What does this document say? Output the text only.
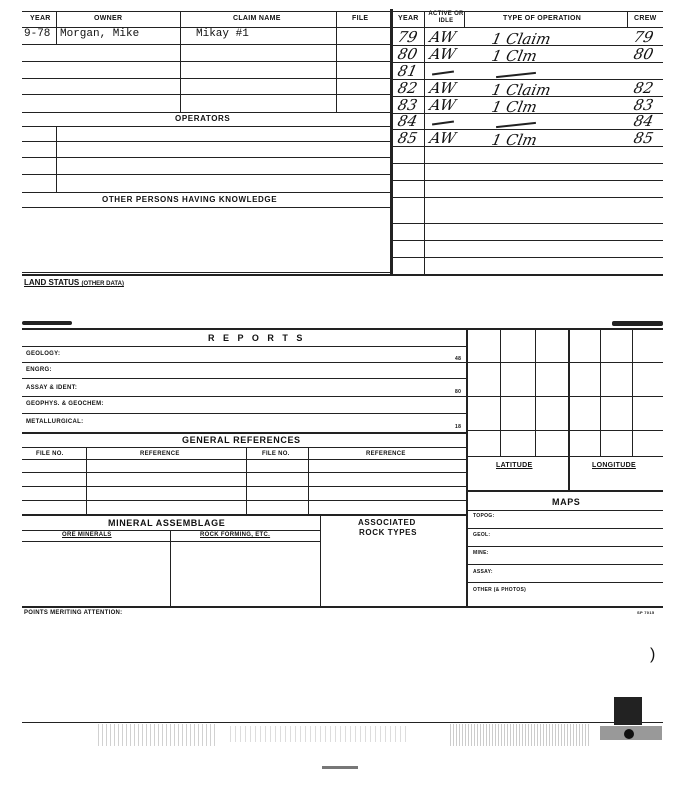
YEAR	OWNER	CLAIM NAME	FILE
9-78 Morgan, Mike	Mikay #1
OPERATORS
OTHER PERSONS HAVING KNOWLEDGE
YEAR
ACTIVE OR IDLE	TYPE OF OPERATION	CREW
79 AW 1 Claim	79
80 AW 1 Clm	80
81
82 AW 1 Claim	82
83 AW 1 Clm	83
84	84
85 AW 1 Clm	85
LAND STATUS (OTHER DATA)
R E P O R T S
GEOLOGY:
ENGRG:
ASSAY & IDENT:
GEOPHYS. & GEOCHEM:
METALLURGICAL:
48
80
18
GENERAL REFERENCES
FILE NO.	REFERENCE	FILE NO.	REFERENCE
LATITUDE	LONGITUDE
MAPS
TOPOG:
GEOL:
MINE:
ASSAY:
OTHER (& PHOTOS)
MINERAL ASSEMBLAGE
ORE MINERALS	ROCK FORMING, ETC.
ASSOCIATED
ROCK TYPES
POINTS MERITING ATTENTION:	SP 7015
)
